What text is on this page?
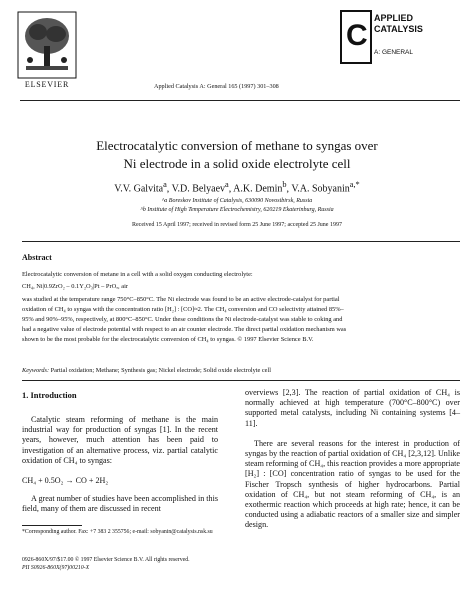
ELSEVIER	Applied Catalysis A: General 165 (1997) 301–308
C
APPLIED
CATALYSIS
A: GENERAL
Electrocatalytic conversion of methane to syngas over
Ni electrode in a solid oxide electrolyte cell
V.V. Galvita$^a$, V.D. Belyaev$^a$, A.K. Demin$^b$, V.A. Sobyanin$^{a,*}$
^a Boreskov Institute of Catalysis, 630090 Novosibirsk, Russia
^b Institute of High Temperature Electrochemistry, 620219 Ekaterinburg, Russia
Received 15 April 1997; received in revised form 25 June 1997; accepted 25 June 1997
Abstract
Electrocatalytic conversion of metane in a cell with a solid oxygen conducting electrolyte:
CH₄, Ni|0.9ZrO₂ – 0.1Y₂O₃|Pt – PrOₓ, air
was studied at the temperature range 750°C–850°C. The Ni electrode was found to be an active electrode-catalyst for partial
oxidation of CH₄ to syngas with the concentration ratio [H₂] : [CO]≈2. The CH₄ conversion and CO selectivity attained 85%–
95% and 90%–95%, respectively, at 800°C–850°C. Under these conditions the Ni electrode-catalyst was stable to coking and
had a negative value of electrode potential with respect to an air counter electrode. The direct partial oxidation mechanism was
shown to be the most probable for the electrocatalytic conversion of CH₄ to syngas. © 1997 Elsevier Science B.V.
Keywords: Partial oxidation; Methane; Synthesis gas; Nickel electrode; Solid oxide electrolyte cell
1. Introduction

Catalytic steam reforming of methane is the main industrial way for production of syngas [1]. In the recent years, however, much attention has been paid to investigation of an alternative process, viz. partial catalytic oxidation of CH₄ to syngas:

CH₄ + 0.5O₂ → CO + 2H₂

A great number of studies have been accomplished in this field, many of them are discussed in recent

overviews [2,3]. The reaction of partial oxidation of CH₄ is normally achieved at high temperature (700°C–800°C) over supported metal catalysts, including Ni containing systems [4–11].

There are several reasons for the interest in production of syngas by the reaction of partial oxidation of CH₄ [2,3,12]. Unlike steam reforming of CH₄, this reaction provides a more appropriate [H₂] : [CO] concentration ratio of syngas to be used for the Fischer Tropsch synthesis of higher hydrocarbons. Partial oxidation of CH₄, but not steam reforming of CH₄, is an exothermic reaction which proceeds at high rate; hence, it can be conducted using a adiabatic reactors of a smaller size and simpler design.

*Corresponding author. Fax: +7 383 2 355756; e-mail: sobyanin@catalysis.nsk.su
0926-860X/97/$17.00 © 1997 Elsevier Science B.V. All rights reserved.
PII S0926-860X(97)00210-X
